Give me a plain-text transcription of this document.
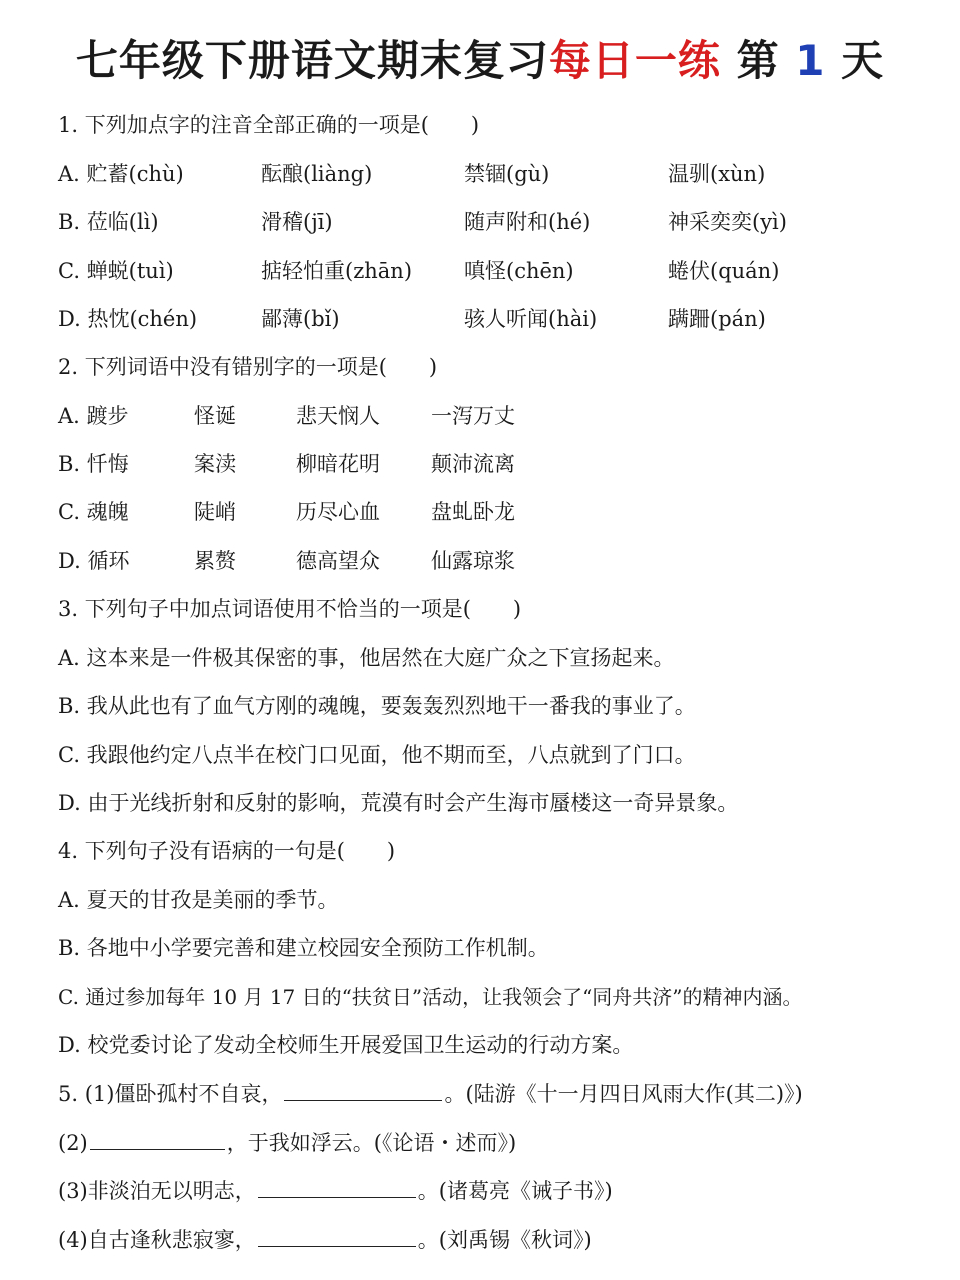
七年级下册语文期末复习每日一练 第 1 天
1. 下列加点字的注音全部正确的一项是(　　)
A. 贮蓄(chù)	酝酿(liàng)	禁锢(gù)	温驯(xùn)
B. 莅临(lì)	滑稽(jī)	随声附和(hé)	神采奕奕(yì)
C. 蝉蜕(tuì)	掂轻怕重(zhān) 嗔怪(chēn)	蜷伏(quán)
D. 热忱(chén)	鄙薄(bǐ)	骇人听闻(hài)	蹒跚(pán)
2. 下列词语中没有错别字的一项是(　　)
A. 踱步	怪诞	悲天悯人 一泻万丈
B. 忏悔	案渎	柳暗花明 颠沛流离
C. 魂魄	陡峭	历尽心血 盘虬卧龙
D. 循环	累赘	德高望众 仙露琼浆
3. 下列句子中加点词语使用不恰当的一项是(　　)
A. 这本来是一件极其保密的事，他居然在大庭广众之下宣扬起来。
B. 我从此也有了血气方刚的魂魄，要轰轰烈烈地干一番我的事业了。
C. 我跟他约定八点半在校门口见面，他不期而至，八点就到了门口。
D. 由于光线折射和反射的影响，荒漠有时会产生海市蜃楼这一奇异景象。
4. 下列句子没有语病的一句是(　　)
A. 夏天的甘孜是美丽的季节。
B. 各地中小学要完善和建立校园安全预防工作机制。
C. 通过参加每年 10 月 17 日的“扶贫日”活动，让我领会了“同舟共济”的精神内涵。
D. 校党委讨论了发动全校师生开展爱国卫生运动的行动方案。
5. (1)僵卧孤村不自哀，	。(陆游《十一月四日风雨大作(其二)》)
(2)	，于我如浮云。(《论语・述而》)
(3)非淡泊无以明志，	。(诸葛亮《诫子书》)
(4)自古逢秋悲寂寥，	。(刘禹锡《秋词》)
